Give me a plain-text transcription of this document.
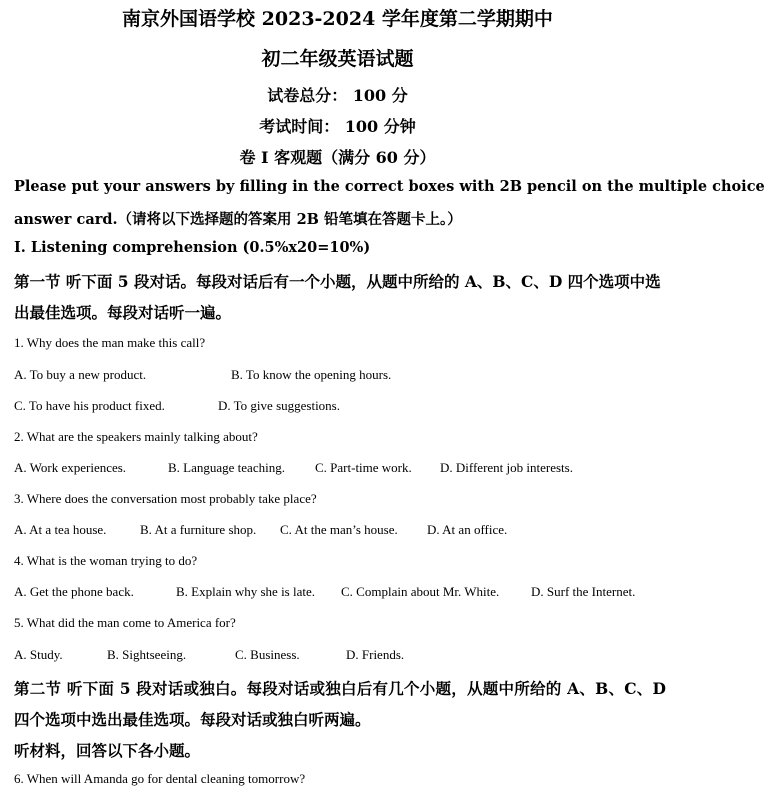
南京外国语学校 2023-2024 学年度第二学期期中
初二年级英语试题
试卷总分： 100 分
考试时间： 100 分钟
卷 I 客观题（满分 60 分）
Please put your answers by filling in the correct boxes with 2B pencil on the multiple choice
answer card.（请将以下选择题的答案用 2B 铅笔填在答题卡上。）
I. Listening comprehension (0.5%x20=10%)
第一节 听下面 5 段对话。每段对话后有一个小题，从题中所给的 A、B、C、D 四个选项中选
出最佳选项。每段对话听一遍。
1. Why does the man make this call?
A. To buy a new product.	B. To know the opening hours.
C. To have his product fixed.	D. To give suggestions.
2. What are the speakers mainly talking about?
A. Work experiences.	B. Language teaching. C. Part-time work. D. Different job interests.
3. Where does the conversation most probably take place?
A. At a tea house.	B. At a furniture shop. C. At the man’s house. D. At an office.
4. What is the woman trying to do?
A. Get the phone back.	B. Explain why she is late. C. Complain about Mr. White. D. Surf the Internet.
5. What did the man come to America for?
A. Study.	B. Sightseeing.	C. Business.	D. Friends.
第二节 听下面 5 段对话或独白。每段对话或独白后有几个小题，从题中所给的 A、B、C、D
四个选项中选出最佳选项。每段对话或独白听两遍。
听材料，回答以下各小题。
6. When will Amanda go for dental cleaning tomorrow?
